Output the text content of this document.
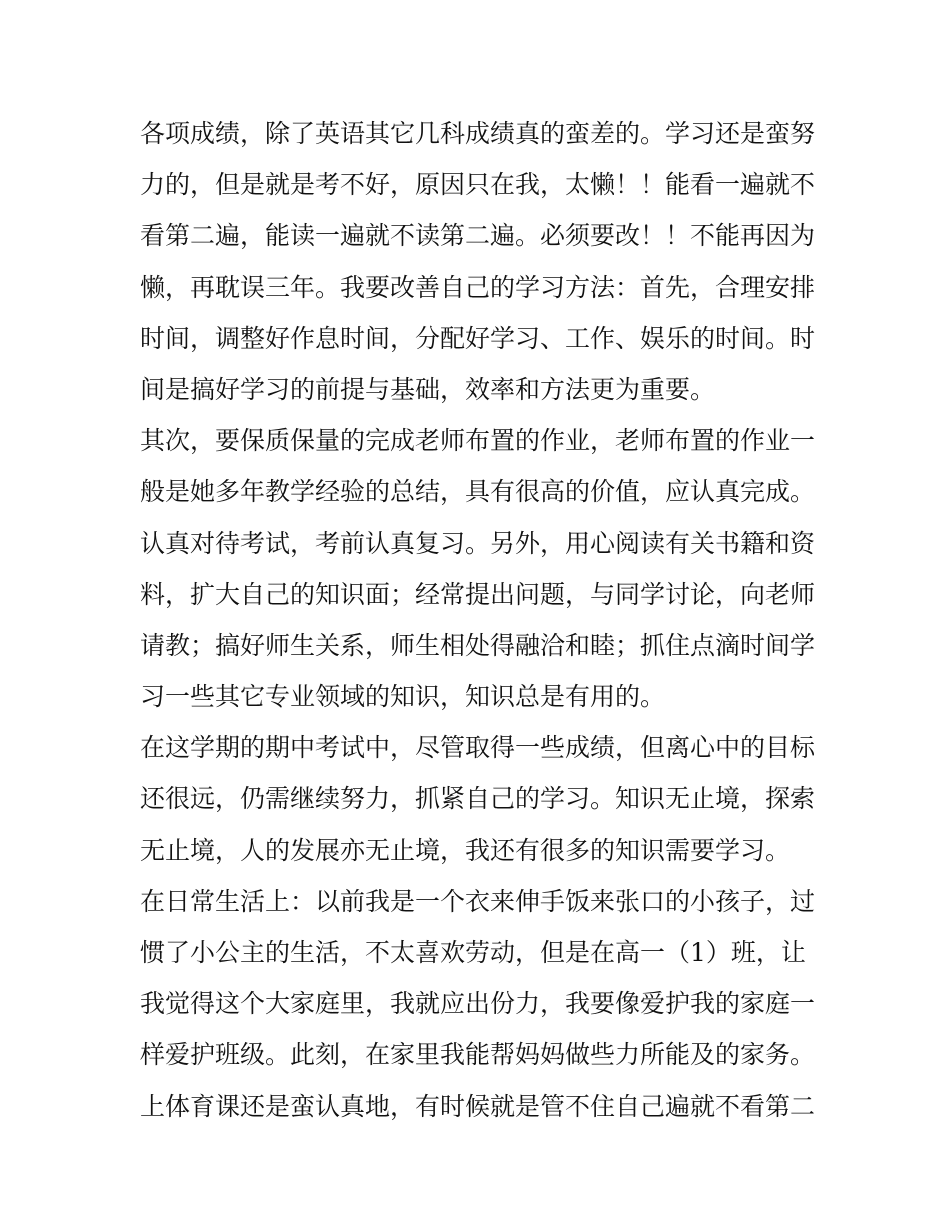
各项成绩，除了英语其它几科成绩真的蛮差的。学习还是蛮努
力的，但是就是考不好，原因只在我，太懒！！能看一遍就不
看第二遍，能读一遍就不读第二遍。必须要改！！不能再因为
懒，再耽误三年。我要改善自己的学习方法：首先，合理安排
时间，调整好作息时间，分配好学习、工作、娱乐的时间。时
间是搞好学习的前提与基础，效率和方法更为重要。
其次，要保质保量的完成老师布置的作业，老师布置的作业一
般是她多年教学经验的总结，具有很高的价值，应认真完成。
认真对待考试，考前认真复习。另外，用心阅读有关书籍和资
料，扩大自己的知识面；经常提出问题，与同学讨论，向老师
请教；搞好师生关系，师生相处得融洽和睦；抓住点滴时间学
习一些其它专业领域的知识，知识总是有用的。
在这学期的期中考试中，尽管取得一些成绩，但离心中的目标
还很远，仍需继续努力，抓紧自己的学习。知识无止境，探索
无止境，人的发展亦无止境，我还有很多的知识需要学习。
在日常生活上：以前我是一个衣来伸手饭来张口的小孩子，过
惯了小公主的生活，不太喜欢劳动，但是在高一（1）班，让
我觉得这个大家庭里，我就应出份力，我要像爱护我的家庭一
样爱护班级。此刻，在家里我能帮妈妈做些力所能及的家务。
上体育课还是蛮认真地，有时候就是管不住自己遍就不看第二
